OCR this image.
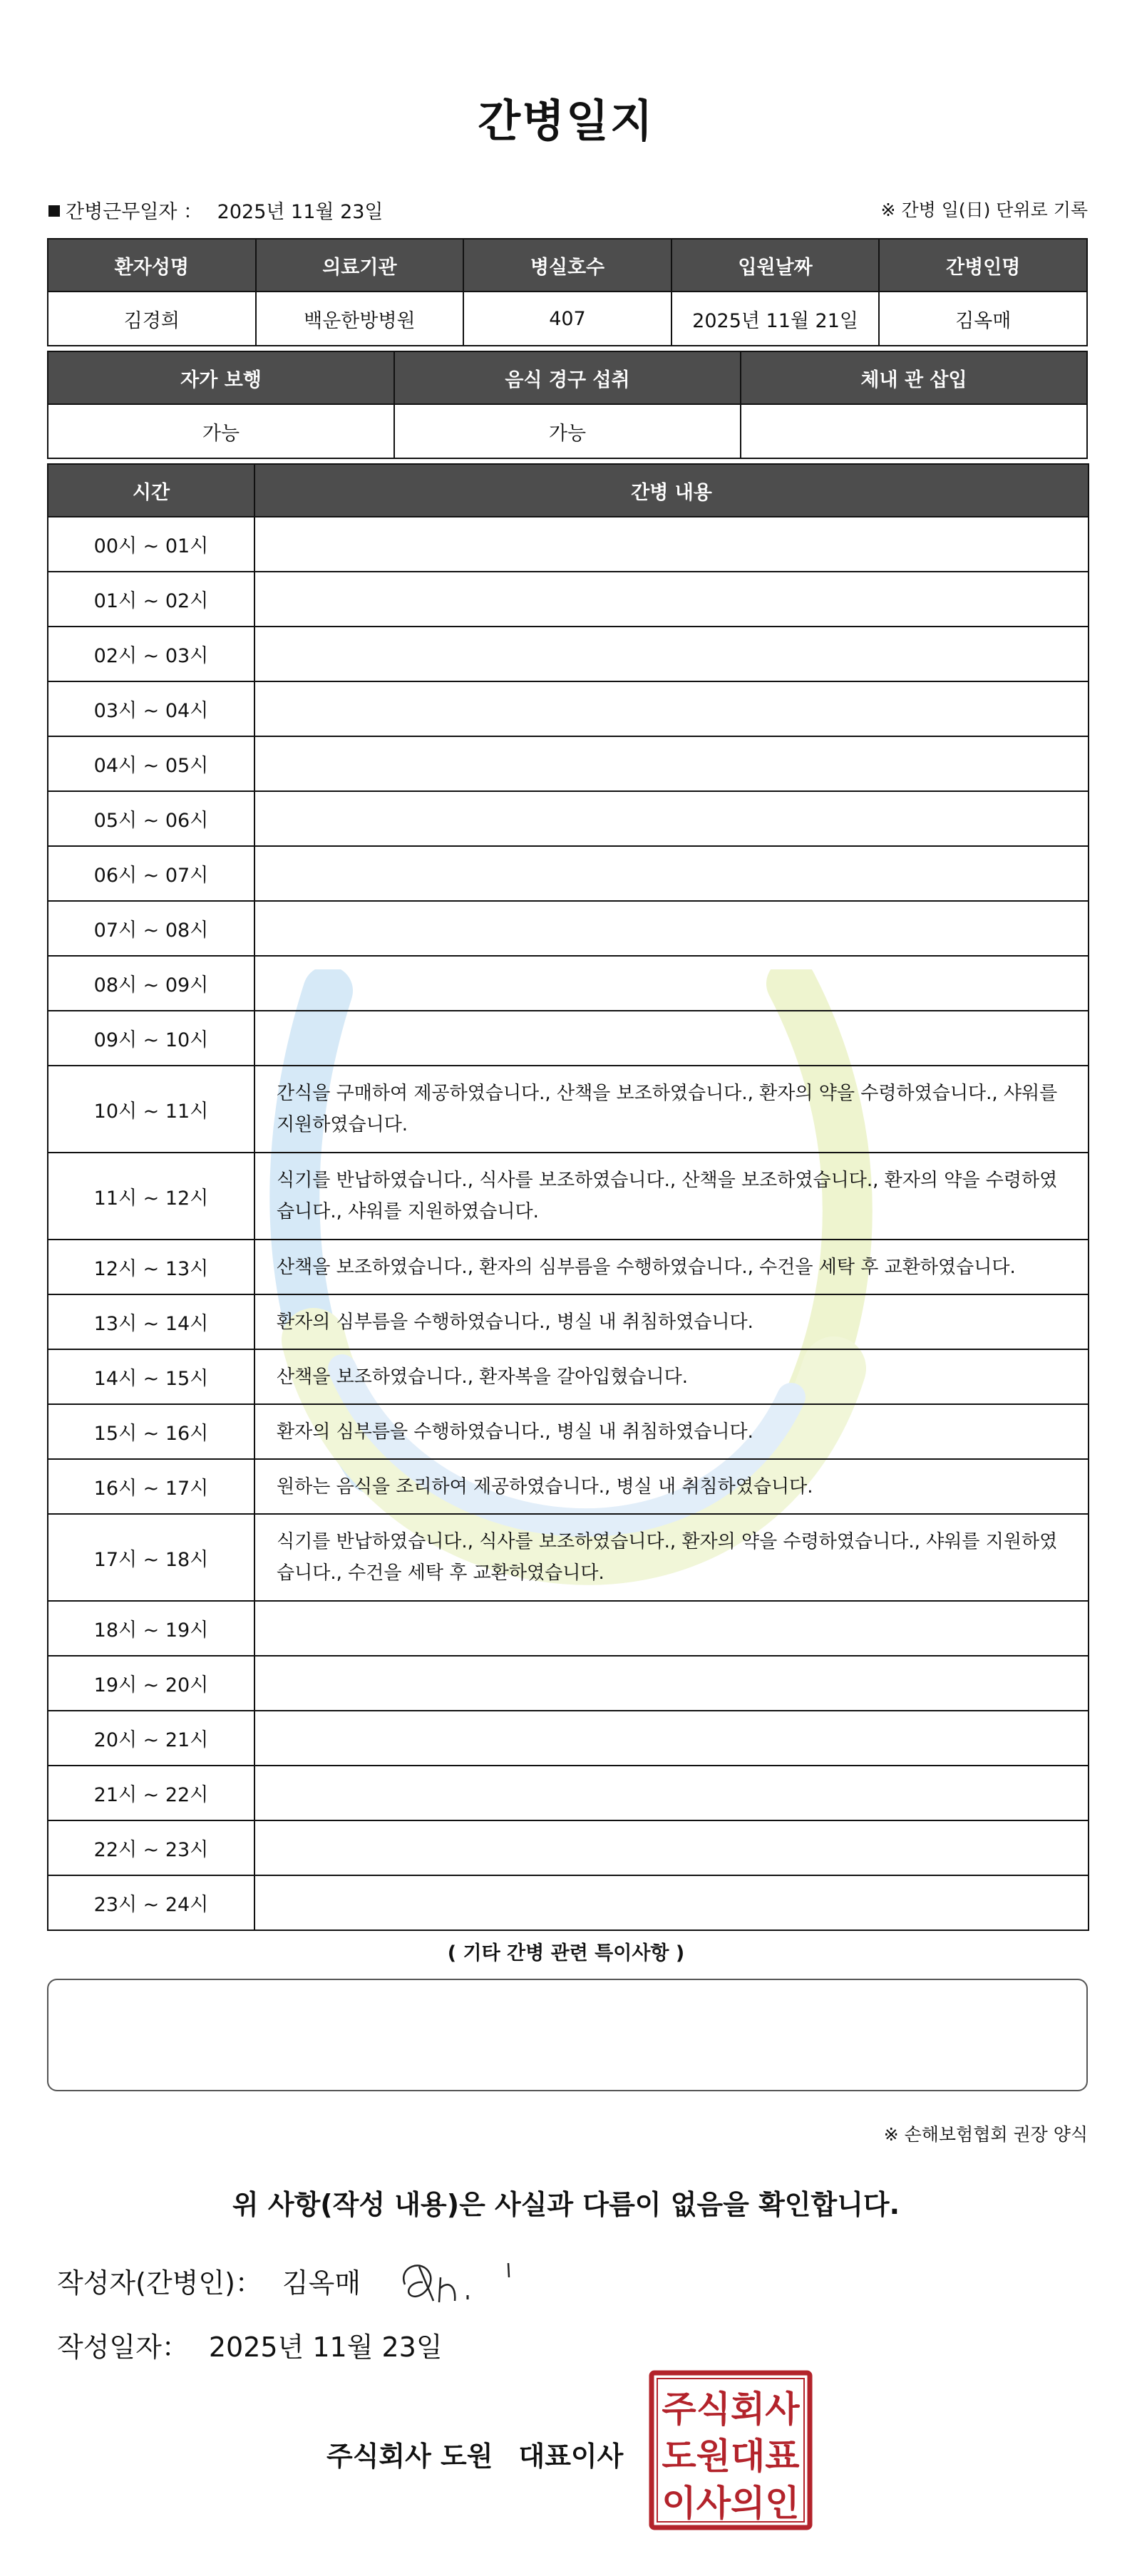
간병일지
간병근무일자 ： 2025년 11월 23일	※ 간병 일(日) 단위로 기록
환자성명	의료기관	병실호수	입원날짜	간병인명
김경희	백운한방병원	407	2025년 11월 21일	김옥매
자가 보행	음식 경구 섭취	체내 관 삽입
가능	가능	
시간	간병 내용
00시 ~ 01시	
01시 ~ 02시	
02시 ~ 03시	
03시 ~ 04시	
04시 ~ 05시	
05시 ~ 06시	
06시 ~ 07시	
07시 ~ 08시	
08시 ~ 09시	
09시 ~ 10시	
10시 ~ 11시	간식을 구매하여 제공하였습니다., 산책을 보조하였습니다., 환자의 약을 수령하였습니다., 샤워를 지원하였습니다.
11시 ~ 12시	식기를 반납하였습니다., 식사를 보조하였습니다., 산책을 보조하였습니다., 환자의 약을 수령하였습니다., 샤워를 지원하였습니다.
12시 ~ 13시	산책을 보조하였습니다., 환자의 심부름을 수행하였습니다., 수건을 세탁 후 교환하였습니다.
13시 ~ 14시	환자의 심부름을 수행하였습니다., 병실 내 취침하였습니다.
14시 ~ 15시	산책을 보조하였습니다., 환자복을 갈아입혔습니다.
15시 ~ 16시	환자의 심부름을 수행하였습니다., 병실 내 취침하였습니다.
16시 ~ 17시	원하는 음식을 조리하여 제공하였습니다., 병실 내 취침하였습니다.
17시 ~ 18시	식기를 반납하였습니다., 식사를 보조하였습니다., 환자의 약을 수령하였습니다., 샤워를 지원하였습니다., 수건을 세탁 후 교환하였습니다.
18시 ~ 19시	
19시 ~ 20시	
20시 ~ 21시	
21시 ~ 22시	
22시 ~ 23시	
23시 ~ 24시	
( 기타 간병 관련 특이사항 )
※ 손해보험협회 권장 양식
위 사항(작성 내용)은 사실과 다름이 없음을 확인합니다.
작성자(간병인)： 김옥매
작성일자： 2025년 11월 23일
주식회사 도원 대표이사
주식회사
도원대표
이사의인
